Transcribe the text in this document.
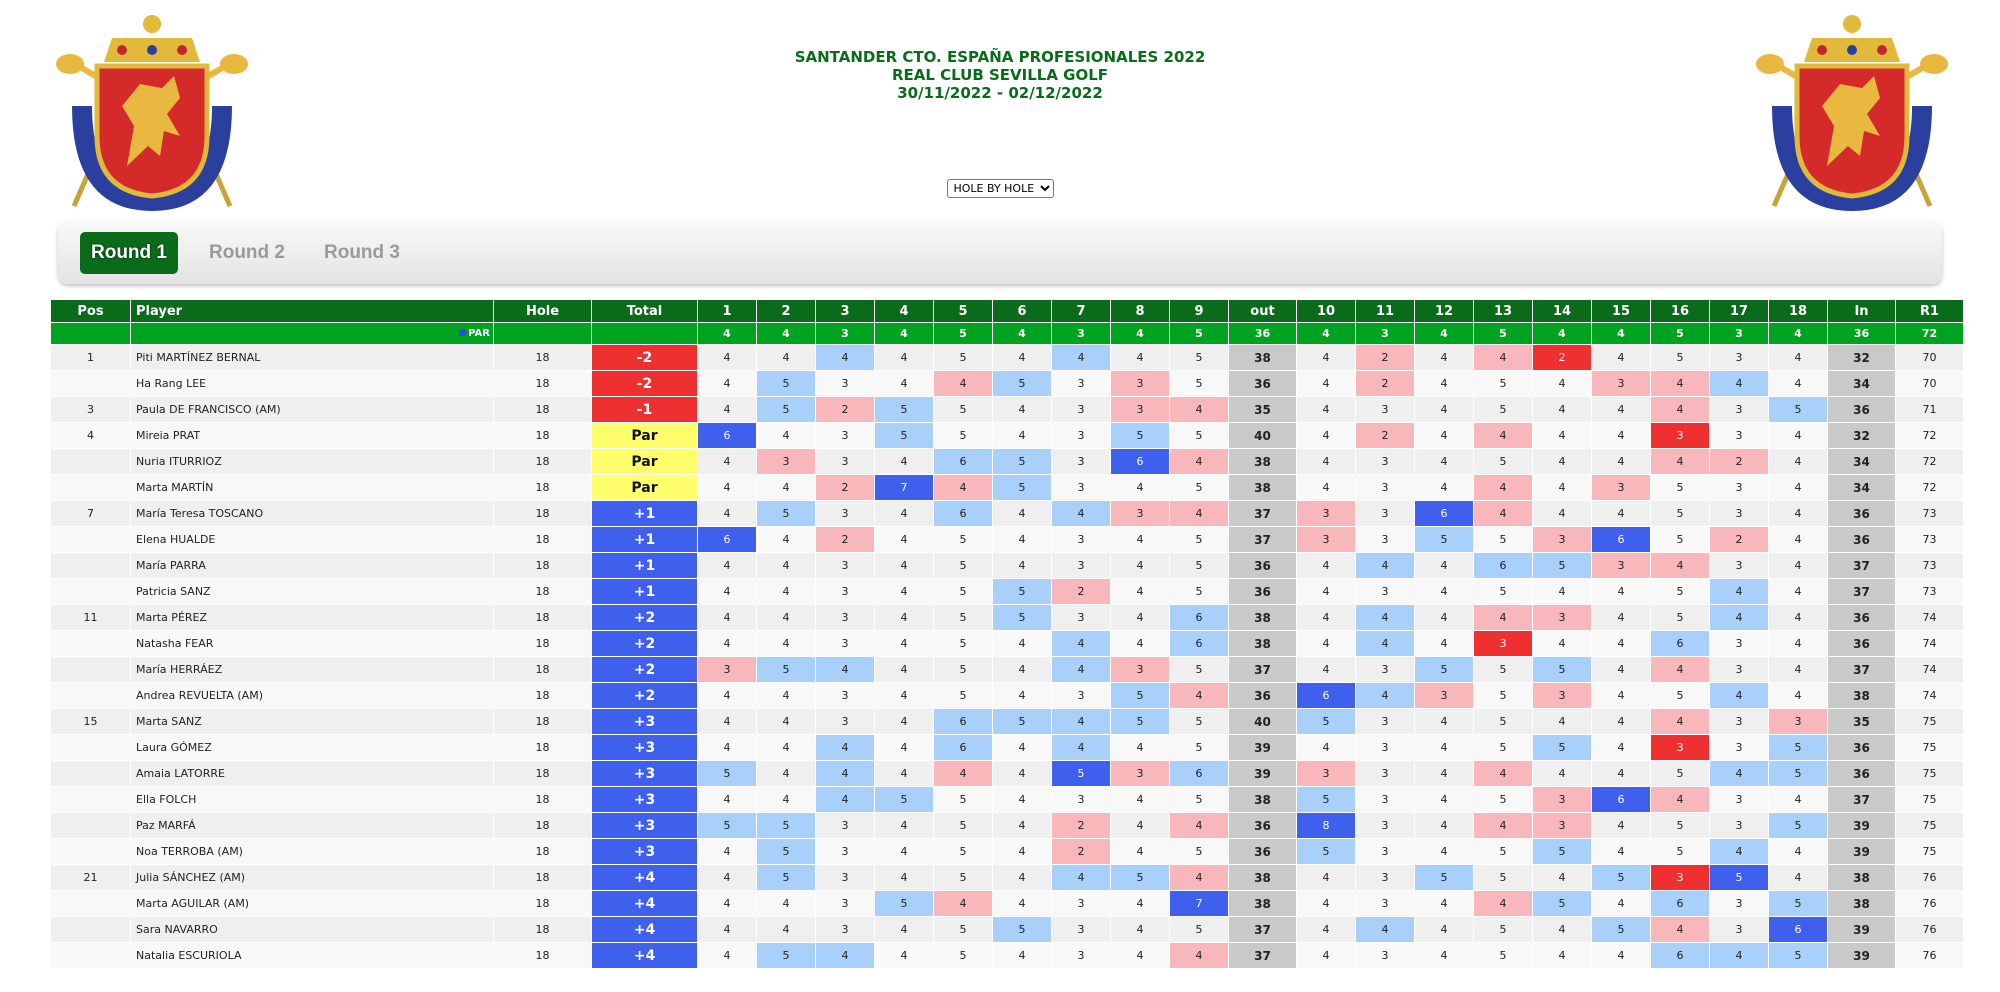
SANTANDER CTO. ESPAÑA PROFESIONALES 2022
REAL CLUB SEVILLA GOLF
30/11/2022 - 02/12/2022
HOLE BY HOLE
Round 1	Round 2 Round 3
Pos	Player	Hole	Total	1	2	3	4	5	6	7	8	9	out	10	11	12	13	14	15	16	17	18	In	R1
	PAR			4	4	3	4	5	4	3	4	5	36	4	3	4	5	4	4	5	3	4	36	72
1	Piti MARTÍNEZ BERNAL	18	-2	4	4	4	4	5	4	4	4	5	38	4	2	4	4	2	4	5	3	4	32	70
	Ha Rang LEE	18	-2	4	5	3	4	4	5	3	3	5	36	4	2	4	5	4	3	4	4	4	34	70
3	Paula DE FRANCISCO (AM)	18	-1	4	5	2	5	5	4	3	3	4	35	4	3	4	5	4	4	4	3	5	36	71
4	Mireia PRAT	18	Par	6	4	3	5	5	4	3	5	5	40	4	2	4	4	4	4	3	3	4	32	72
	Nuria ITURRIOZ	18	Par	4	3	3	4	6	5	3	6	4	38	4	3	4	5	4	4	4	2	4	34	72
	Marta MARTÍN	18	Par	4	4	2	7	4	5	3	4	5	38	4	3	4	4	4	3	5	3	4	34	72
7	María Teresa TOSCANO	18	+1	4	5	3	4	6	4	4	3	4	37	3	3	6	4	4	4	5	3	4	36	73
	Elena HUALDE	18	+1	6	4	2	4	5	4	3	4	5	37	3	3	5	5	3	6	5	2	4	36	73
	María PARRA	18	+1	4	4	3	4	5	4	3	4	5	36	4	4	4	6	5	3	4	3	4	37	73
	Patricia SANZ	18	+1	4	4	3	4	5	5	2	4	5	36	4	3	4	5	4	4	5	4	4	37	73
11	Marta PÉREZ	18	+2	4	4	3	4	5	5	3	4	6	38	4	4	4	4	3	4	5	4	4	36	74
	Natasha FEAR	18	+2	4	4	3	4	5	4	4	4	6	38	4	4	4	3	4	4	6	3	4	36	74
	María HERRÁEZ	18	+2	3	5	4	4	5	4	4	3	5	37	4	3	5	5	5	4	4	3	4	37	74
	Andrea REVUELTA (AM)	18	+2	4	4	3	4	5	4	3	5	4	36	6	4	3	5	3	4	5	4	4	38	74
15	Marta SANZ	18	+3	4	4	3	4	6	5	4	5	5	40	5	3	4	5	4	4	4	3	3	35	75
	Laura GÓMEZ	18	+3	4	4	4	4	6	4	4	4	5	39	4	3	4	5	5	4	3	3	5	36	75
	Amaia LATORRE	18	+3	5	4	4	4	4	4	5	3	6	39	3	3	4	4	4	4	5	4	5	36	75
	Ella FOLCH	18	+3	4	4	4	5	5	4	3	4	5	38	5	3	4	5	3	6	4	3	4	37	75
	Paz MARFÁ	18	+3	5	5	3	4	5	4	2	4	4	36	8	3	4	4	3	4	5	3	5	39	75
	Noa TERROBA (AM)	18	+3	4	5	3	4	5	4	2	4	5	36	5	3	4	5	5	4	5	4	4	39	75
21	Julia SÁNCHEZ (AM)	18	+4	4	5	3	4	5	4	4	5	4	38	4	3	5	5	4	5	3	5	4	38	76
	Marta AGUILAR (AM)	18	+4	4	4	3	5	4	4	3	4	7	38	4	3	4	4	5	4	6	3	5	38	76
	Sara NAVARRO	18	+4	4	4	3	4	5	5	3	4	5	37	4	4	4	5	4	5	4	3	6	39	76
	Natalia ESCURIOLA	18	+4	4	5	4	4	5	4	3	4	4	37	4	3	4	5	4	4	6	4	5	39	76
